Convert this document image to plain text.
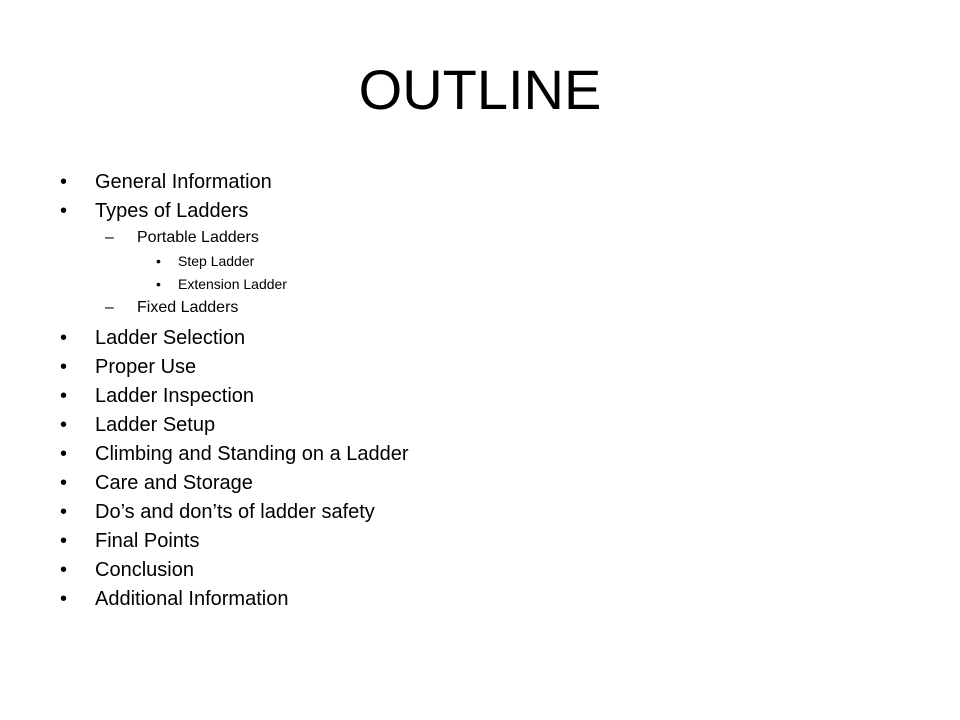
OUTLINE
•	General Information
•	Types of Ladders
– Portable Ladders
• Step Ladder
• Extension Ladder
– Fixed Ladders
•	Ladder Selection
•	Proper Use
•	Ladder Inspection
•	Ladder Setup
•	Climbing and Standing on a Ladder
•	Care and Storage
•	Do’s and don’ts of ladder safety
•	Final Points
•	Conclusion
•	Additional Information
